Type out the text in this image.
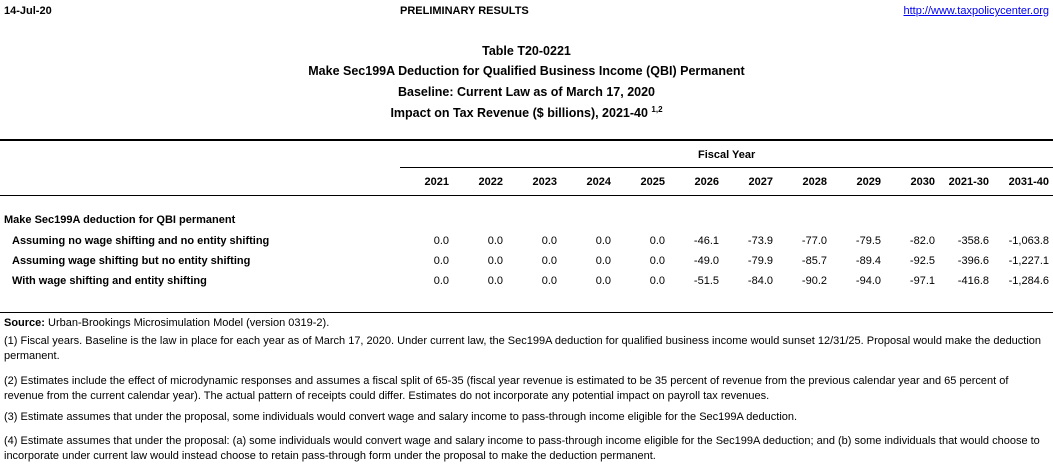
14-Jul-20	PRELIMINARY RESULTS	http://www.taxpolicycenter.org
Table T20-0221
Make Sec199A Deduction for Qualified Business Income (QBI) Permanent
Baseline: Current Law as of March 17, 2020
Impact on Tax Revenue ($ billions), 2021-40 $^{1,2}$
Fiscal Year
2021	2022	2023	2024	2025	2026	2027	2028	2029	2030	2021-30	2031-40
Make Sec199A deduction for QBI permanent
Assuming no wage shifting and no entity shifting	0.0	0.0	0.0	0.0	0.0	-46.1	-73.9	-77.0	-79.5	-82.0	-358.6	-1,063.8
Assuming wage shifting but no entity shifting	0.0	0.0	0.0	0.0	0.0	-49.0	-79.9	-85.7	-89.4	-92.5	-396.6	-1,227.1
With wage shifting and entity shifting	0.0	0.0	0.0	0.0	0.0	-51.5	-84.0	-90.2	-94.0	-97.1	-416.8	-1,284.6
Source: Urban-Brookings Microsimulation Model (version 0319-2).
(1) Fiscal years. Baseline is the law in place for each year as of March 17, 2020. Under current law, the Sec199A deduction for qualified business income would sunset 12/31/25. Proposal would make the deduction permanent.
(2) Estimates include the effect of microdynamic responses and assumes a fiscal split of 65-35 (fiscal year revenue is estimated to be 35 percent of revenue from the previous calendar year and 65 percent of revenue from the current calendar year). The actual pattern of receipts could differ. Estimates do not incorporate any potential impact on payroll tax revenues.
(3) Estimate assumes that under the proposal, some individuals would convert wage and salary income to pass-through income eligible for the Sec199A deduction.
(4) Estimate assumes that under the proposal: (a) some individuals would convert wage and salary income to pass-through income eligible for the Sec199A deduction; and (b) some individuals that would choose to incorporate under current law would instead choose to retain pass-through form under the proposal to make the deduction permanent.
